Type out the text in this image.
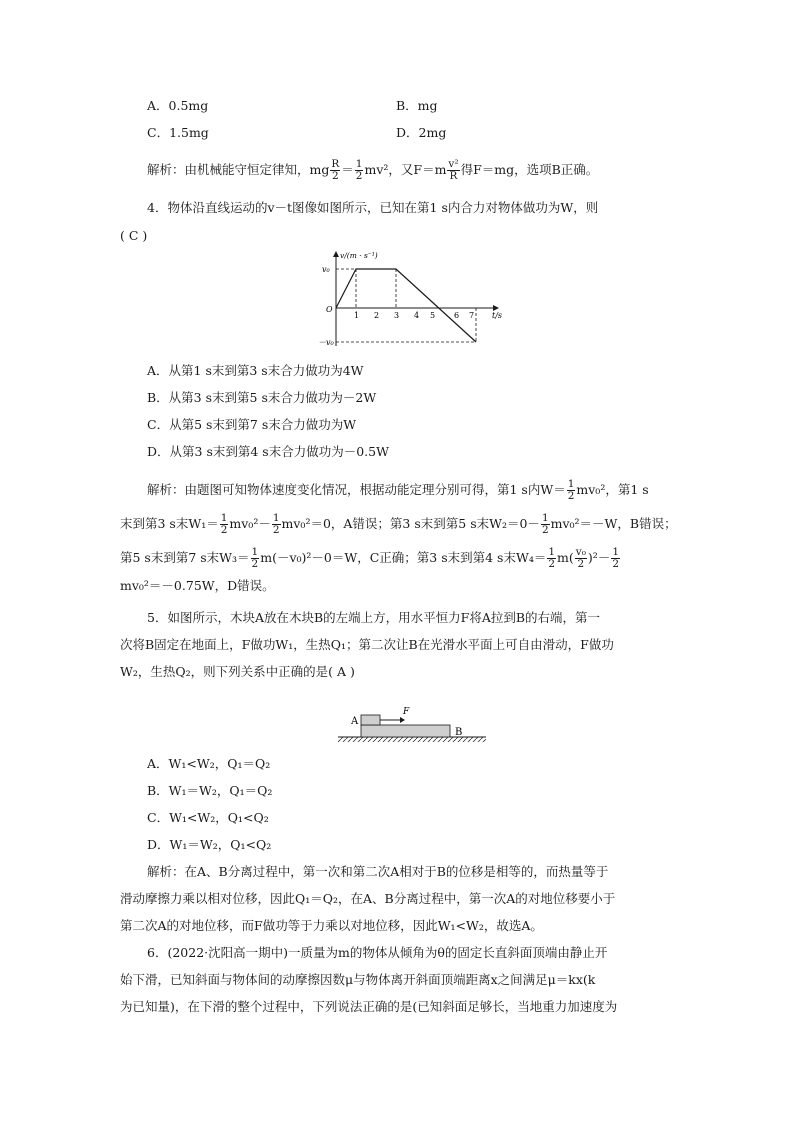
A．0.5mg	B．mg
C．1.5mg	D．2mg
解析：由机械能守恒定律知，mg $\frac{R}{2} = \frac{1}{2} mv^2$，又$F=m \frac{\text{v²}}{R}$ 得F＝mg，选项B正确。
4．物体沿直线运动的v－t图像如图所示，已知在第1 s内合力对物体做功为W，则
( C )
v/(m · s⁻¹)
v₀
O
－v₀
t/s
1 2 3 4 5 6 7
A．从第1 s末到第3 s末合力做功为4W
B．从第3 s末到第5 s末合力做功为－2W
C．从第5 s末到第7 s末合力做功为W
D．从第3 s末到第4 s末合力做功为－0.5W
解析：由题图可知物体速度变化情况，根据动能定理分别可得，第1 s内$W= \frac{1}{2} mv_0^2$，第1 s
末到第3 s末$W_1= \frac{1}{2} mv_0^2- \frac{1}{2} mv_0^2=0$，A错误；第3 s末到第5 s末$W_2=0- \frac{1}{2} mv_0^2=-W$，B错误；
第5 s末到第7 s末$W_3= \frac{1}{2} m(-v_0)^2-0=W$，C正确；第3 s末到第4 s末$W_4= \frac{1}{2} m( \frac{\text{v₀}}{2} )^2- \frac{1}{2}$
mv₀²＝－0.75W，D错误。
5．如图所示，木块A放在木块B的左端上方，用水平恒力F将A拉到B的右端，第一
次将B固定在地面上，F做功W₁，生热Q₁；第二次让B在光滑水平面上可自由滑动，F做功
W₂，生热Q₂，则下列关系中正确的是( A )
A
F
B
A．W₁<W₂，Q₁＝Q₂
B．W₁＝W₂，Q₁＝Q₂
C．W₁<W₂，Q₁<Q₂
D．W₁＝W₂，Q₁<Q₂
解析：在A、B分离过程中，第一次和第二次A相对于B的位移是相等的，而热量等于
滑动摩擦力乘以相对位移，因此Q₁＝Q₂，在A、B分离过程中，第一次A的对地位移要小于
第二次A的对地位移，而F做功等于力乘以对地位移，因此W₁<W₂，故选A。
6．(2022·沈阳高一期中)一质量为m的物体从倾角为θ的固定长直斜面顶端由静止开
始下滑，已知斜面与物体间的动摩擦因数μ与物体离开斜面顶端距离x之间满足μ＝kx(k
为已知量)，在下滑的整个过程中，下列说法正确的是(已知斜面足够长，当地重力加速度为
